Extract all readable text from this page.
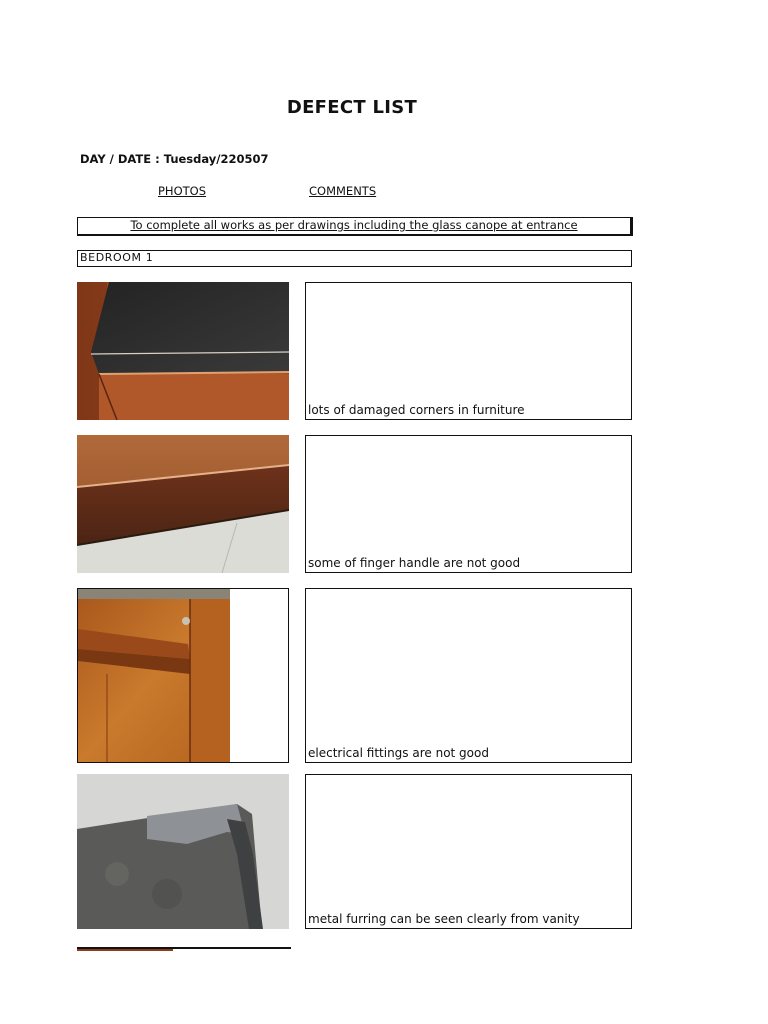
DEFECT LIST
DAY / DATE : Tuesday/220507
PHOTOS	COMMENTS
To complete all works as per drawings including the glass canope at entrance
BEDROOM 1
lots of damaged corners in furniture
some of finger handle are not good
electrical fittings are not good
metal furring can be seen clearly from vanity
